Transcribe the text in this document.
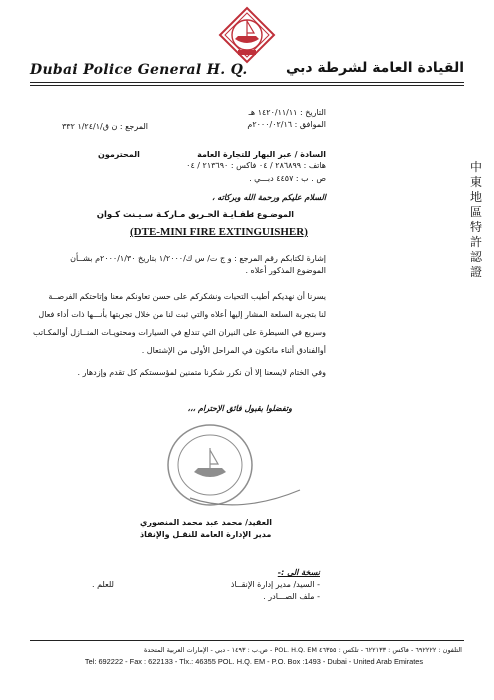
Dubai Police General H. Q.	القيادة العامة لشرطة دبي
التاريخ : ١٤٢٠/١١/١١ هـ
الموافق : ٢٠٠٠/٠٢/١٦م
المرجع : ن ق/١/٢٤/١ ٣٣٢
السادة / عبر البهار للتجارة العامة
المحترمون
هاتف : ٢٨٦٨٩٩ / ٠٤ فاكس : ٢١٣٦٩٠ / ٠٤
ص . ب : ٤٤٥٧ دبـــي .
السلام عليكم ورحمة الله وبركاته ،
الموضـوع :
طفـايـة الحـريق مـاركـة سـيـنت كـوان
(DTE-MINI FIRE EXTINGUISHER)
إشارة لكتابكم رقم المرجع : و ج ت/ س ك/١/٢٠٠٠ بتاريخ ٢٠٠٠/١/٣٠م بشــأن
الموضوع المذكور أعلاه .
يسرنا أن نهديكم أطيب التحيات ونشكركم على حسن تعاونكم معنا وإتاحتكم الفرصــة
لنا بتجربة السلعة المشار إليها أعلاه والتي ثبت لنا من خلال تجربتها بأنـــها ذات أداء فعال
وسريع في السيطرة على النيران التي تندلع في السيارات ومحتويـات المنــازل أوالمكـاتب
أوالفنادق أثناء ماتكون في المراحل الأولى من الإشتعال .
وفي الختام لايسعنا إلا أن نكرر شكرنا متمنين لمؤسستكم كل تقدم وإزدهار .
وتفضلوا بقبول فائق الإحترام ،،،
العقيد/ محمد عبد محمد المنصوري
مدير الإدارة العامة للنقـل والإنقاذ
نسخة الى :-
- السيد/ مدير إدارة الإنقــاذ
للعلم .
- ملف الصـــادر .
中
東
地
區
特
許
認
證
التلفون : ٦٩٢٢٢٢ - فاكس : ٦٢٢١٣٣ - تلكس : ٤٦٣٥٥ POL. H.Q. EM - ص.ب : ١٤٩٣ - دبي - الإمارات العربية المتحدة
Tel: 692222 - Fax : 622133 - Tlx.: 46355 POL. H.Q. EM - P.O. Box :1493 - Dubai - United Arab Emirates
